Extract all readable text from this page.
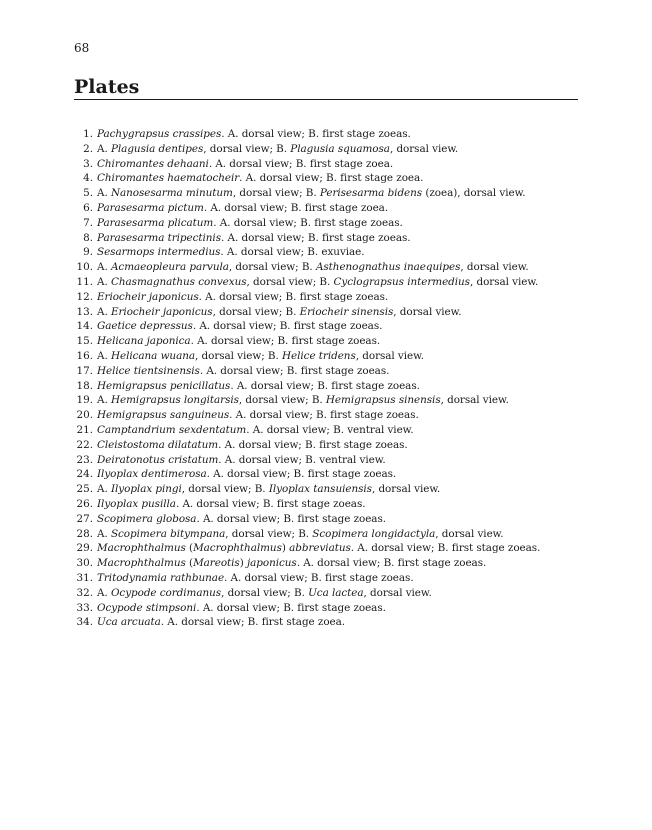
68
Plates
1. Pachygrapsus crassipes. A. dorsal view; B. first stage zoeas.
2. A. Plagusia dentipes, dorsal view; B. Plagusia squamosa, dorsal view.
3. Chiromantes dehaani. A. dorsal view; B. first stage zoea.
4. Chiromantes haematocheir. A. dorsal view; B. first stage zoea.
5. A. Nanosesarma minutum, dorsal view; B. Perisesarma bidens (zoea), dorsal view.
6. Parasesarma pictum. A. dorsal view; B. first stage zoea.
7. Parasesarma plicatum. A. dorsal view; B. first stage zoeas.
8. Parasesarma tripectinis. A. dorsal view; B. first stage zoeas.
9. Sesarmops intermedius. A. dorsal view; B. exuviae.
10. A. Acmaeopleura parvula, dorsal view; B. Asthenognathus inaequipes, dorsal view.
11. A. Chasmagnathus convexus, dorsal view; B. Cyclograpsus intermedius, dorsal view.
12. Eriocheir japonicus. A. dorsal view; B. first stage zoeas.
13. A. Eriocheir japonicus, dorsal view; B. Eriocheir sinensis, dorsal view.
14. Gaetice depressus. A. dorsal view; B. first stage zoeas.
15. Helicana japonica. A. dorsal view; B. first stage zoeas.
16. A. Helicana wuana, dorsal view; B. Helice tridens, dorsal view.
17. Helice tientsinensis. A. dorsal view; B. first stage zoeas.
18. Hemigrapsus penicillatus. A. dorsal view; B. first stage zoeas.
19. A. Hemigrapsus longitarsis, dorsal view; B. Hemigrapsus sinensis, dorsal view.
20. Hemigrapsus sanguineus. A. dorsal view; B. first stage zoeas.
21. Camptandrium sexdentatum. A. dorsal view; B. ventral view.
22. Cleistostoma dilatatum. A. dorsal view; B. first stage zoeas.
23. Deiratonotus cristatum. A. dorsal view; B. ventral view.
24. Ilyoplax dentimerosa. A. dorsal view; B. first stage zoeas.
25. A. Ilyoplax pingi, dorsal view; B. Ilyoplax tansuiensis, dorsal view.
26. Ilyoplax pusilla. A. dorsal view; B. first stage zoeas.
27. Scopimera globosa. A. dorsal view; B. first stage zoeas.
28. A. Scopimera bitympana, dorsal view; B. Scopimera longidactyla, dorsal view.
29. Macrophthalmus (Macrophthalmus) abbreviatus. A. dorsal view; B. first stage zoeas.
30. Macrophthalmus (Mareotis) japonicus. A. dorsal view; B. first stage zoeas.
31. Tritodynamia rathbunae. A. dorsal view; B. first stage zoeas.
32. A. Ocypode cordimanus, dorsal view; B. Uca lactea, dorsal view.
33. Ocypode stimpsoni. A. dorsal view; B. first stage zoeas.
34. Uca arcuata. A. dorsal view; B. first stage zoea.
